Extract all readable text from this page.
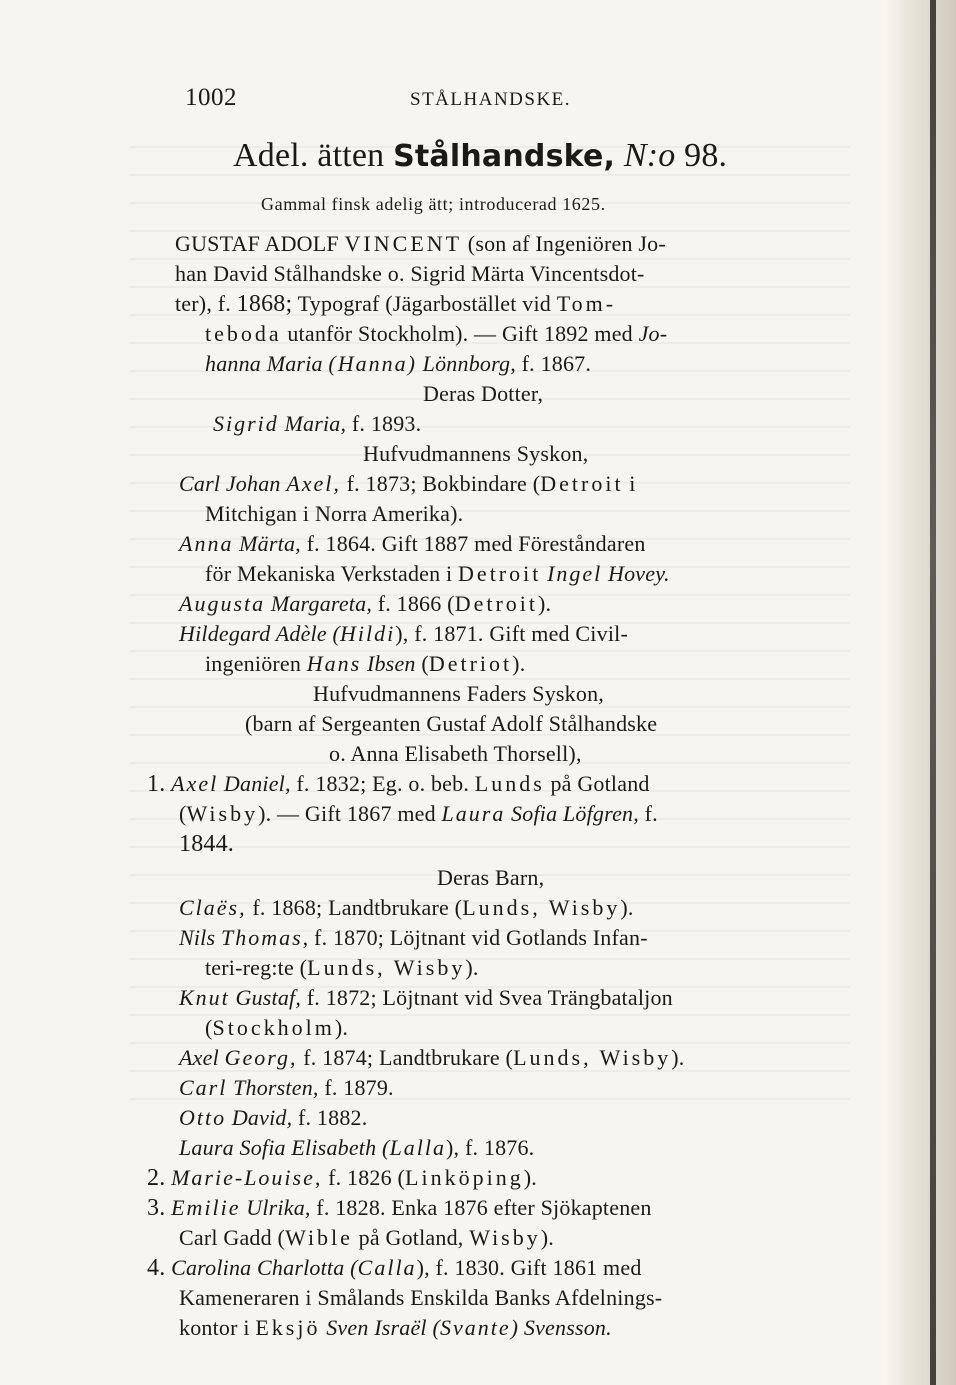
1002	STÅLHANDSKE.
Adel. ätten Stålhandske, N:o 98.
Gammal finsk adelig ätt; introducerad 1625.
GUSTAF ADOLF VINCENT (son af Ingeniören Jo-
han David Stålhandske o. Sigrid Märta Vincentsdot-
ter), f. 1868; Typograf (Jägarbostället vid Tom-
teboda utanför Stockholm). — Gift 1892 med Jo-
hanna Maria (Hanna) Lönnborg, f. 1867.
Deras Dotter,
Sigrid Maria, f. 1893.
Hufvudmannens Syskon,
Carl Johan Axel, f. 1873; Bokbindare (Detroit i
Mitchigan i Norra Amerika).
Anna Märta, f. 1864. Gift 1887 med Föreståndaren
för Mekaniska Verkstaden i Detroit Ingel Hovey.
Augusta Margareta, f. 1866 (Detroit).
Hildegard Adèle (Hildi), f. 1871. Gift med Civil-
ingeniören Hans Ibsen (Detriot).
Hufvudmannens Faders Syskon,
(barn af Sergeanten Gustaf Adolf Stålhandske
o. Anna Elisabeth Thorsell),
1. Axel Daniel, f. 1832; Eg. o. beb. Lunds på Gotland
(Wisby). — Gift 1867 med Laura Sofia Löfgren, f.
1844.
Deras Barn,
Claës, f. 1868; Landtbrukare (Lunds, Wisby).
Nils Thomas, f. 1870; Löjtnant vid Gotlands Infan-
teri-reg:te (Lunds, Wisby).
Knut Gustaf, f. 1872; Löjtnant vid Svea Trängbataljon
(Stockholm).
Axel Georg, f. 1874; Landtbrukare (Lunds, Wisby).
Carl Thorsten, f. 1879.
Otto David, f. 1882.
Laura Sofia Elisabeth (Lalla), f. 1876.
2. Marie-Louise, f. 1826 (Linköping).
3. Emilie Ulrika, f. 1828. Enka 1876 efter Sjökaptenen
Carl Gadd (Wible på Gotland, Wisby).
4. Carolina Charlotta (Calla), f. 1830. Gift 1861 med
Kameneraren i Smålands Enskilda Banks Afdelnings-
kontor i Eksjö Sven Israël (Svante) Svensson.
